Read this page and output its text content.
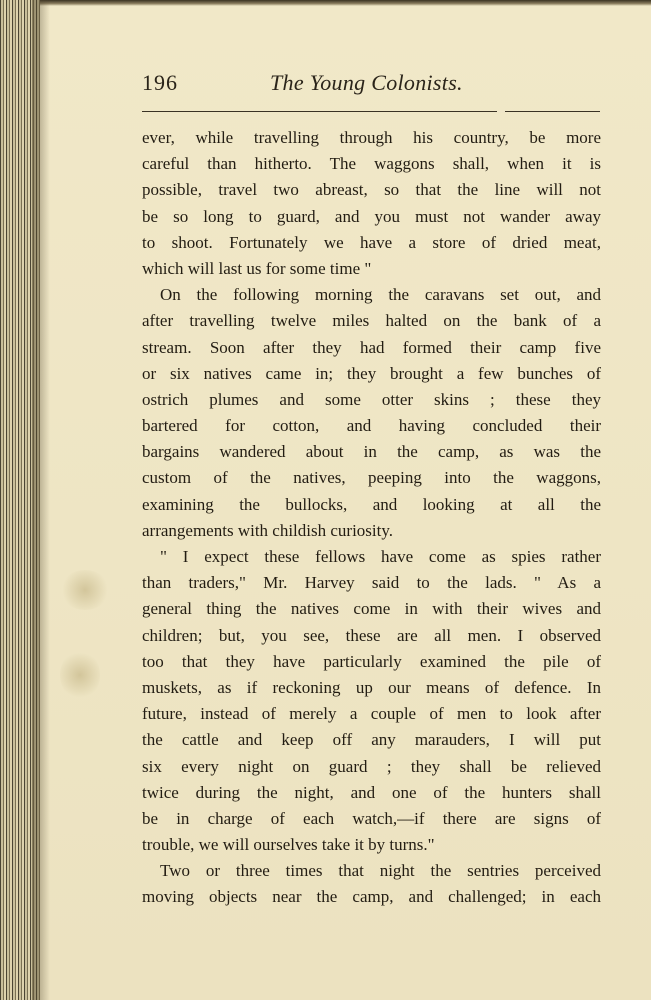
196	The Young Colonists.
ever, while travelling through his country, be more
careful than hitherto. The waggons shall, when it is
possible, travel two abreast, so that the line will not
be so long to guard, and you must not wander away
to shoot. Fortunately we have a store of dried meat,
which will last us for some time "
On the following morning the caravans set out, and
after travelling twelve miles halted on the bank of a
stream. Soon after they had formed their camp five
or six natives came in; they brought a few bunches of
ostrich plumes and some otter skins ; these they
bartered for cotton, and having concluded their
bargains wandered about in the camp, as was the
custom of the natives, peeping into the waggons,
examining the bullocks, and looking at all the
arrangements with childish curiosity.
" I expect these fellows have come as spies rather
than traders," Mr. Harvey said to the lads. " As a
general thing the natives come in with their wives and
children; but, you see, these are all men. I observed
too that they have particularly examined the pile of
muskets, as if reckoning up our means of defence. In
future, instead of merely a couple of men to look after
the cattle and keep off any marauders, I will put
six every night on guard ; they shall be relieved
twice during the night, and one of the hunters shall
be in charge of each watch,—if there are signs of
trouble, we will ourselves take it by turns."
Two or three times that night the sentries perceived
moving objects near the camp, and challenged; in each
